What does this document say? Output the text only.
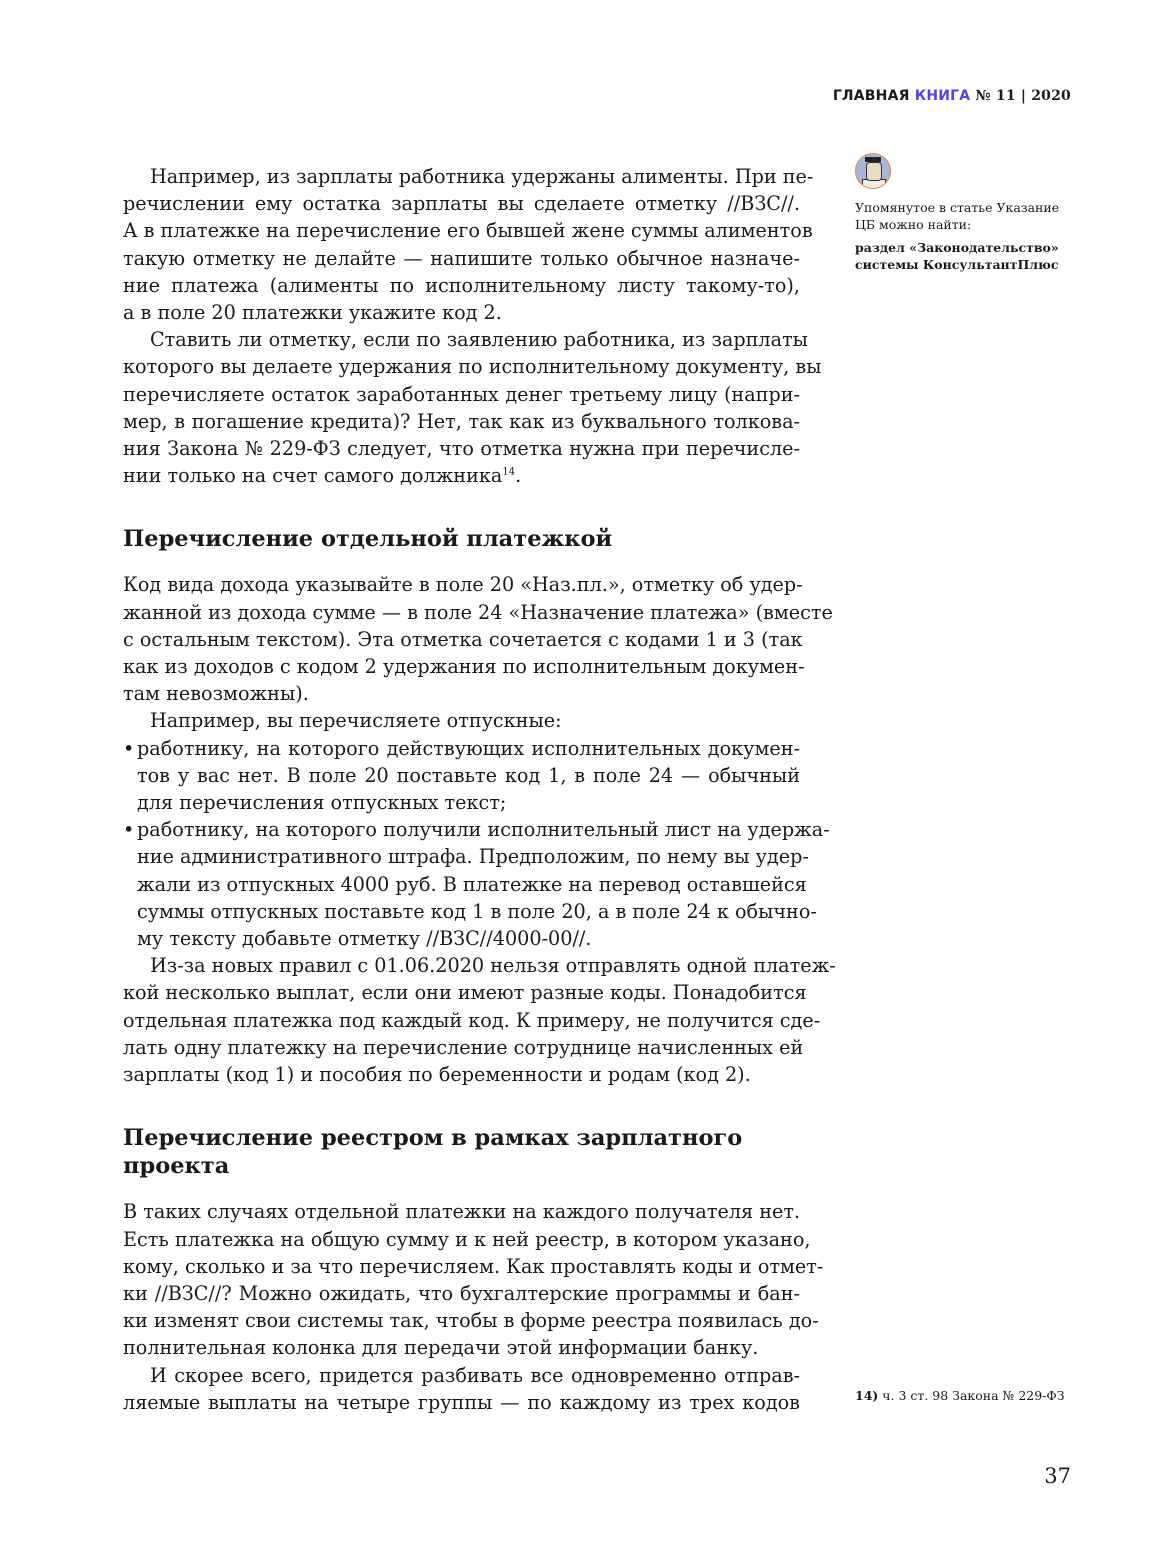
ГЛАВНАЯ КНИГА № 11 | 2020
Например, из зарплаты работника удержаны алименты. При пе-
речислении ему остатка зарплаты вы сделаете отметку //ВЗС//.
А в платежке на перечисление его бывшей жене суммы алиментов
такую отметку не делайте — напишите только обычное назначе-
ние платежа (алименты по исполнительному листу такому-то),
а в поле 20 платежки укажите код 2.
Ставить ли отметку, если по заявлению работника, из зарплаты
которого вы делаете удержания по исполнительному документу, вы
перечисляете остаток заработанных денег третьему лицу (напри-
мер, в погашение кредита)? Нет, так как из буквального толкова-
ния Закона № 229-ФЗ следует, что отметка нужна при перечисле-
нии только на счет самого должника$^{14}$.
Перечисление отдельной платежкой
Код вида дохода указывайте в поле 20 «Наз.пл.», отметку об удер-
жанной из дохода сумме — в поле 24 «Назначение платежа» (вместе
с остальным текстом). Эта отметка сочетается с кодами 1 и 3 (так
как из доходов с кодом 2 удержания по исполнительным докумен-
там невозможны).
Например, вы перечисляете отпускные:
• работнику, на которого действующих исполнительных докумен-
тов у вас нет. В поле 20 поставьте код 1, в поле 24 — обычный
для перечисления отпускных текст;
• работнику, на которого получили исполнительный лист на удержа-
ние административного штрафа. Предположим, по нему вы удер-
жали из отпускных 4000 руб. В платежке на перевод оставшейся
суммы отпускных поставьте код 1 в поле 20, а в поле 24 к обычно-
му тексту добавьте отметку //ВЗС//4000-00//.
Из-за новых правил с 01.06.2020 нельзя отправлять одной платеж-
кой несколько выплат, если они имеют разные коды. Понадобится
отдельная платежка под каждый код. К примеру, не получится сде-
лать одну платежку на перечисление сотруднице начисленных ей
зарплаты (код 1) и пособия по беременности и родам (код 2).
Перечисление реестром в рамках зарплатного
проекта
В таких случаях отдельной платежки на каждого получателя нет.
Есть платежка на общую сумму и к ней реестр, в котором указано,
кому, сколько и за что перечисляем. Как проставлять коды и отмет-
ки //ВЗС//? Можно ожидать, что бухгалтерские программы и бан-
ки изменят свои системы так, чтобы в форме реестра появилась до-
полнительная колонка для передачи этой информации банку.
И скорее всего, придется разбивать все одновременно отправ-
ляемые выплаты на четыре группы — по каждому из трех кодов
Упомянутое в статье Указание
ЦБ можно найти:
раздел «Законодательство»
системы КонсультантПлюс
14) ч. 3 ст. 98 Закона № 229-ФЗ
37
